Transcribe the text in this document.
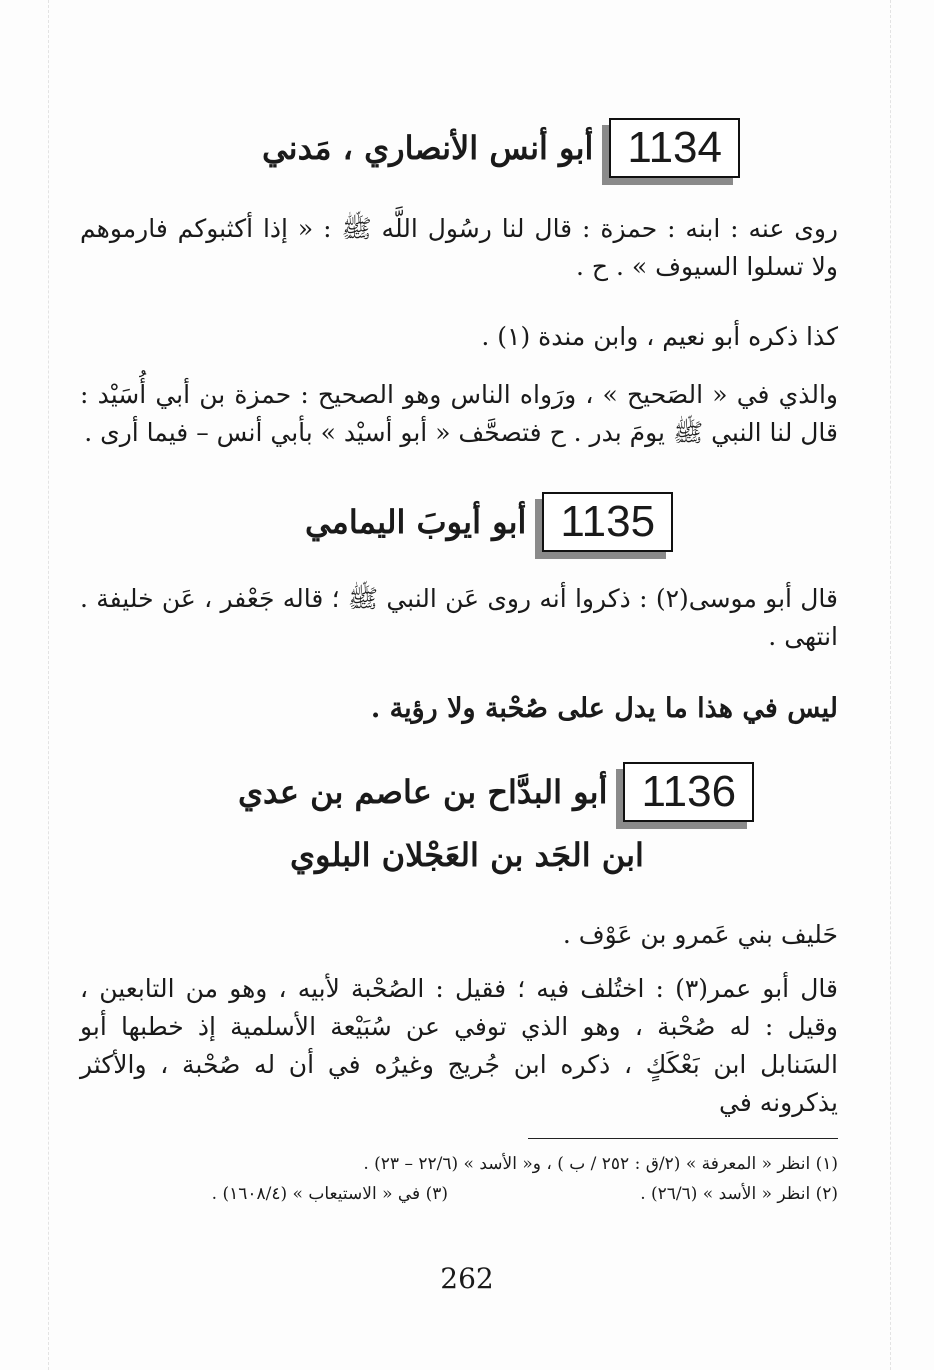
1134
أبو أنس الأنصاري ، مَدني
روى عنه : ابنه : حمزة : قال لنا رسُول اللَّه ﷺ : « إذا أكثبوكم فارموهم ولا تسلوا السيوف » . ح .
كذا ذكره أبو نعيم ، وابن مندة (١) .
والذي في « الصَحيح » ، ورَواه الناس وهو الصحيح : حمزة بن أبي أُسَيْد : قال لنا النبي ﷺ يومَ بدر . ح فتصحَّف « أبو أسيْد » بأبي أنس – فيما أرى .
1135
أبو أيوبَ اليمامي
قال أبو موسى(٢) : ذكروا أنه روى عَن النبي ﷺ ؛ قاله جَعْفر ، عَن خليفة . انتهى .
ليس في هذا ما يدل على صُحْبة ولا رؤية .
1136
أبو البدَّاح بن عاصم بن عدي
ابن الجَد بن العَجْلان البلوي
حَليف بني عَمرو بن عَوْف .
قال أبو عمر(٣) : اختُلف فيه ؛ فقيل : الصُحْبة لأبيه ، وهو من التابعين ، وقيل : له صُحْبة ، وهو الذي توفي عن سُبَيْعة الأسلمية إذ خطبها أبو السَنابل ابن بَعْكَكٍ ، ذكره ابن جُريج وغيرُه في أن له صُحْبة ، والأكثر يذكرونه في
(١) انظر « المعرفة » (٢/ق : ٢٥٢ / ب ) ، و« الأسد » (٢٢/٦ – ٢٣) .
(٢) انظر « الأسد » (٢٦/٦) .(٣) في « الاستيعاب » (١٦٠٨/٤) .
262
